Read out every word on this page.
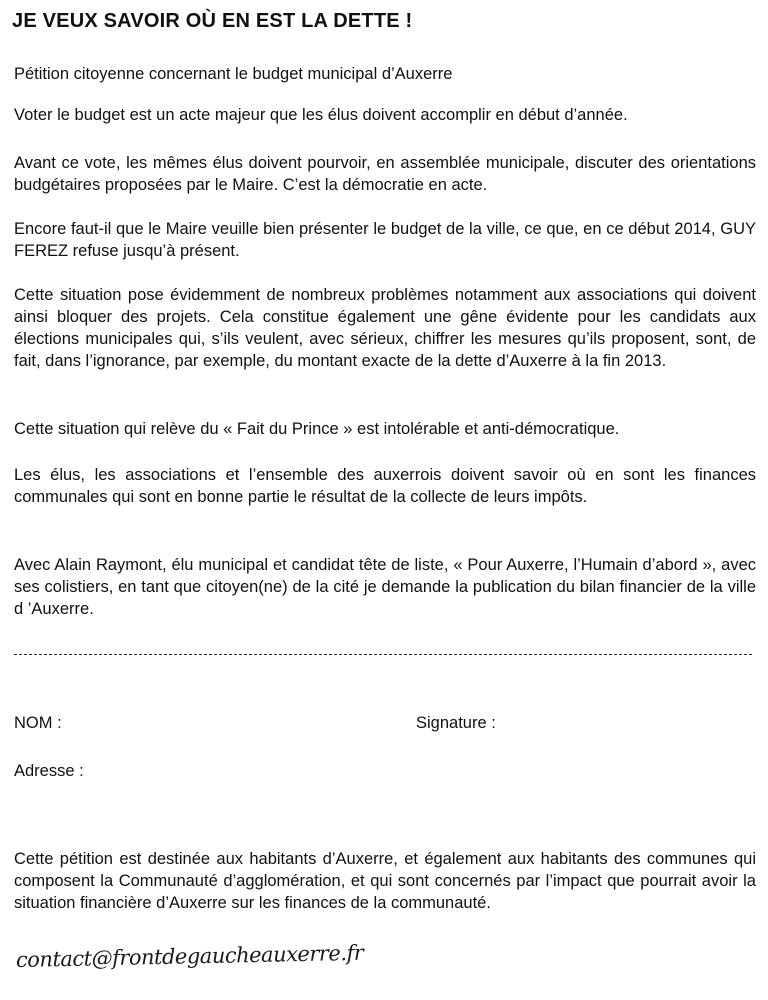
JE VEUX SAVOIR OÙ EN EST LA DETTE !

Pétition citoyenne concernant le budget municipal d’Auxerre

Voter le budget est un acte majeur que les élus doivent accomplir en début d’année.

Avant ce vote, les mêmes élus doivent pourvoir, en assemblée municipale, discuter des orientations budgétaires proposées par le Maire. C’est la démocratie en acte.

Encore faut-il que le Maire veuille bien présenter le budget de la ville, ce que, en ce début 2014, GUY FEREZ refuse jusqu’à présent.

Cette situation pose évidemment de nombreux problèmes notamment aux associations qui doivent ainsi bloquer des projets. Cela constitue également une gêne évidente pour les candidats aux élections municipales qui, s’ils veulent, avec sérieux, chiffrer les mesures qu’ils proposent, sont, de fait, dans l’ignorance, par exemple, du montant exacte de la dette d’Auxerre à la fin 2013.

Cette situation qui relève du « Fait du Prince » est intolérable et anti-démocratique.

Les élus, les associations et l’ensemble des auxerrois doivent savoir où en sont les finances communales qui sont en bonne partie le résultat de la collecte de leurs impôts.

Avec Alain Raymont, élu municipal et candidat tête de liste, « Pour Auxerre, l’Humain d’abord », avec ses colistiers, en tant que citoyen(ne) de la cité je demande la publication du bilan financier de la ville d ’Auxerre.

NOM :	Signature :
Adresse :

Cette pétition est destinée aux habitants d’Auxerre, et également aux habitants des communes qui composent la Communauté d’agglomération, et qui sont concernés par l’impact que pourrait avoir la situation financière d’Auxerre sur les finances de la communauté.

contact@frontdegaucheauxerre.fr
